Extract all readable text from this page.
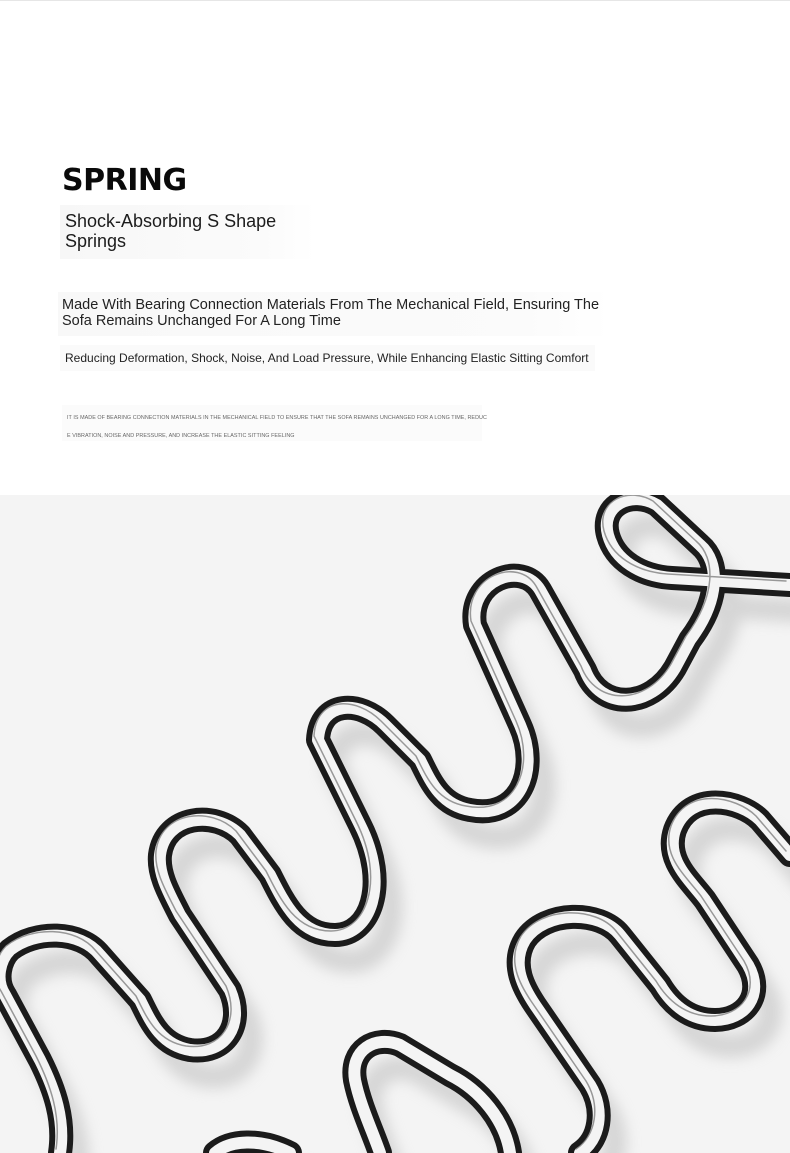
SPRING

Shock-Absorbing S Shape Springs

Made With Bearing Connection Materials From The Mechanical Field, Ensuring The Sofa Remains Unchanged For A Long Time

Reducing Deformation, Shock, Noise, And Load Pressure, While Enhancing Elastic Sitting Comfort

IT IS MADE OF BEARING CONNECTION MATERIALS IN THE MECHANICAL FIELD TO ENSURE THAT THE SOFA REMAINS UNCHANGED FOR A LONG TIME, REDUCE VIBRATION, NOISE AND PRESSURE, AND INCREASE THE ELASTIC SITTING FEELING
